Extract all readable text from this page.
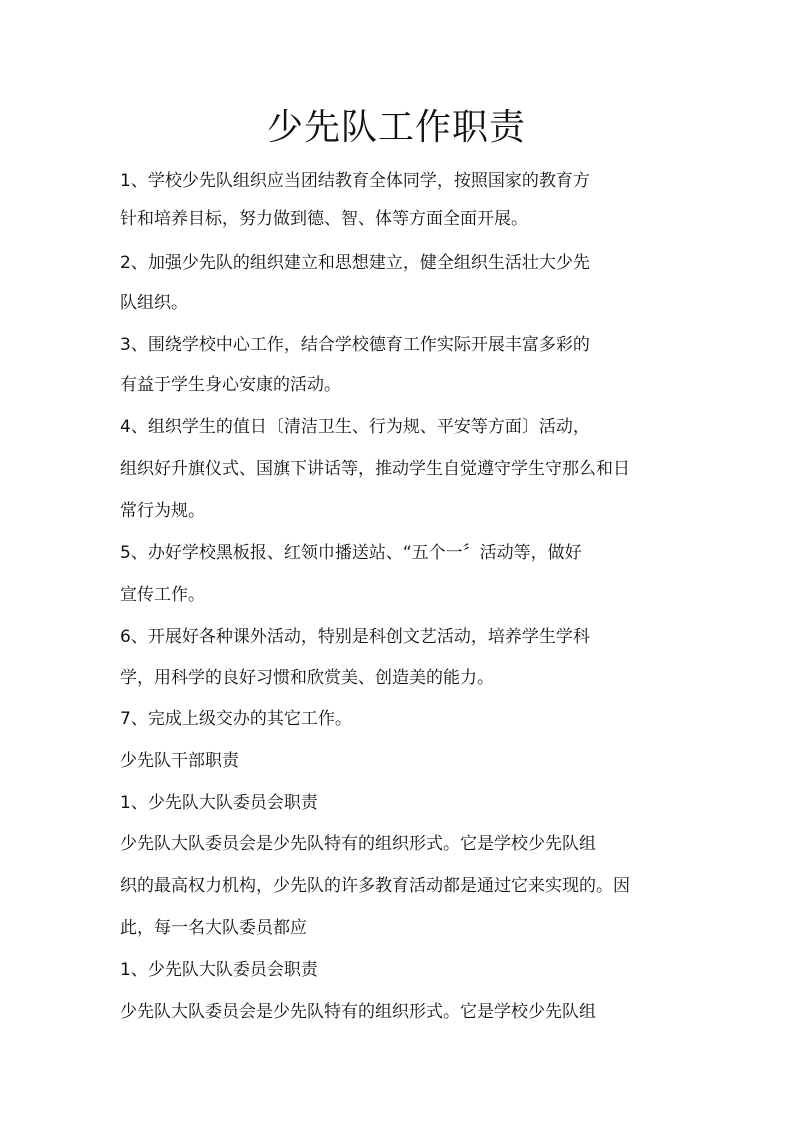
少先队工作职责

1、学校少先队组织应当团结教育全体同学，按照国家的教育方

针和培养目标，努力做到德、智、体等方面全面开展。

2、加强少先队的组织建立和思想建立，健全组织生活壮大少先

队组织。

3、围绕学校中心工作，结合学校德育工作实际开展丰富多彩的

有益于学生身心安康的活动。

4、组织学生的值日〔清洁卫生、行为规、平安等方面〕活动，

组织好升旗仪式、国旗下讲话等，推动学生自觉遵守学生守那么和日

常行为规。

5、办好学校黑板报、红领巾播送站、“五个一〞活动等，做好

宣传工作。

6、开展好各种课外活动，特别是科创文艺活动，培养学生学科

学，用科学的良好习惯和欣赏美、创造美的能力。

7、完成上级交办的其它工作。

少先队干部职责

1、少先队大队委员会职责

少先队大队委员会是少先队特有的组织形式。它是学校少先队组

织的最高权力机构，少先队的许多教育活动都是通过它来实现的。因

此，每一名大队委员都应

1、少先队大队委员会职责

少先队大队委员会是少先队特有的组织形式。它是学校少先队组
